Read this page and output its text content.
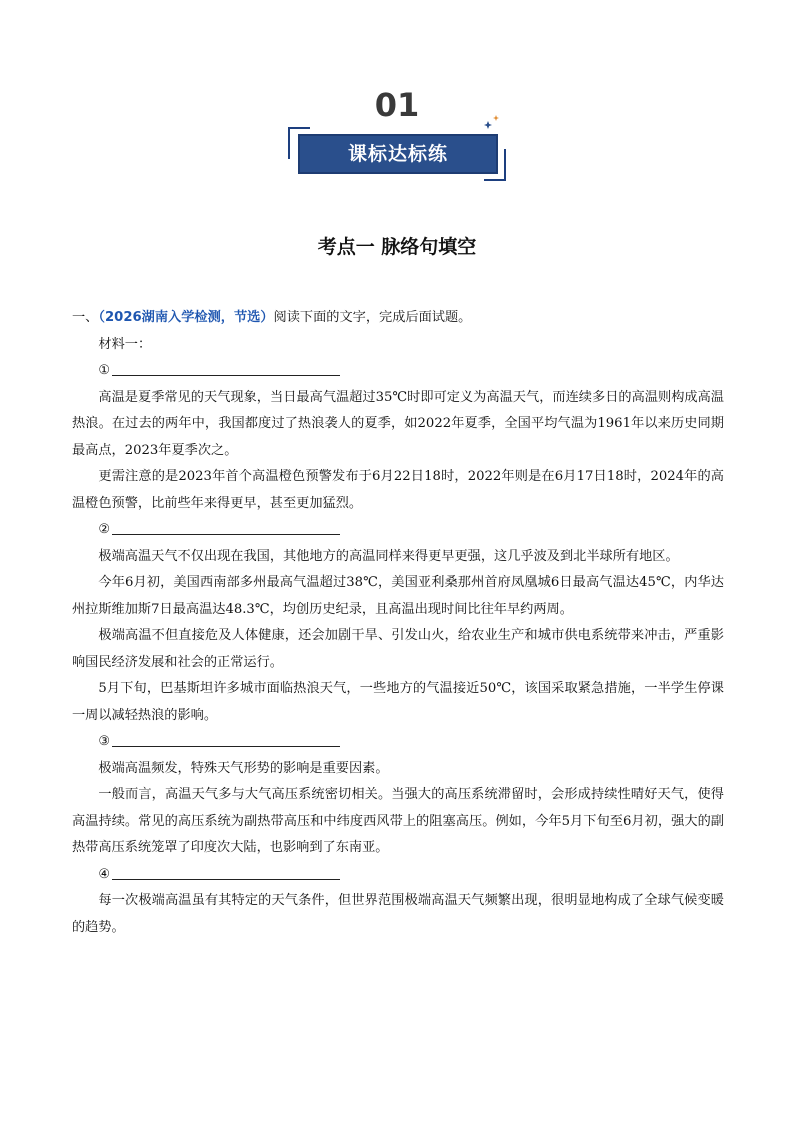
01
课标达标练
考点一 脉络句填空

一、（2026湖南入学检测，节选）阅读下面的文字，完成后面试题。

材料一：

①

高温是夏季常见的天气现象，当日最高气温超过35℃时即可定义为高温天气，而连续多日的高温则构成高温热浪。在过去的两年中，我国都度过了热浪袭人的夏季，如2022年夏季，全国平均气温为1961年以来历史同期最高点，2023年夏季次之。

更需注意的是2023年首个高温橙色预警发布于6月22日18时，2022年则是在6月17日18时，2024年的高温橙色预警，比前些年来得更早，甚至更加猛烈。

②

极端高温天气不仅出现在我国，其他地方的高温同样来得更早更强，这几乎波及到北半球所有地区。

今年6月初，美国西南部多州最高气温超过38℃，美国亚利桑那州首府凤凰城6日最高气温达45℃，内华达州拉斯维加斯7日最高温达48.3℃，均创历史纪录，且高温出现时间比往年早约两周。

极端高温不但直接危及人体健康，还会加剧干旱、引发山火，给农业生产和城市供电系统带来冲击，严重影响国民经济发展和社会的正常运行。

5月下旬，巴基斯坦许多城市面临热浪天气，一些地方的气温接近50℃，该国采取紧急措施，一半学生停课一周以减轻热浪的影响。

③

极端高温频发，特殊天气形势的影响是重要因素。

一般而言，高温天气多与大气高压系统密切相关。当强大的高压系统滞留时，会形成持续性晴好天气，使得高温持续。常见的高压系统为副热带高压和中纬度西风带上的阻塞高压。例如，今年5月下旬至6月初，强大的副热带高压系统笼罩了印度次大陆，也影响到了东南亚。

④

每一次极端高温虽有其特定的天气条件，但世界范围极端高温天气频繁出现，很明显地构成了全球气候变暖的趋势。
